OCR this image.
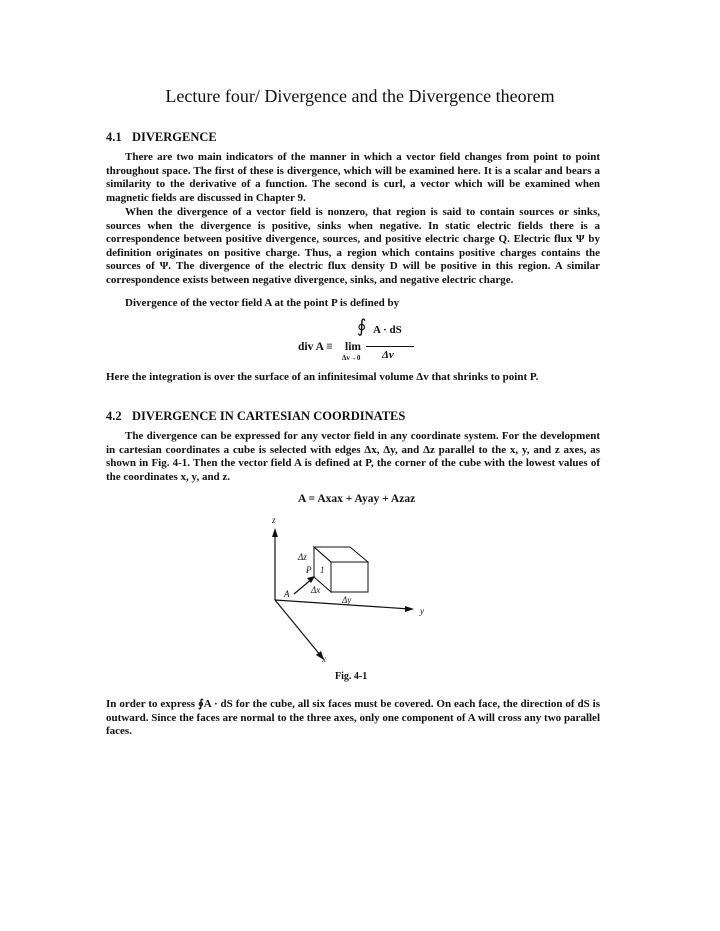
Lecture four/ Divergence and the Divergence theorem
4.1 DIVERGENCE
There are two main indicators of the manner in which a vector field changes from point to point throughout space. The first of these is divergence, which will be examined here. It is a scalar and bears a similarity to the derivative of a function. The second is curl, a vector which will be examined when magnetic fields are discussed in Chapter 9.
When the divergence of a vector field is nonzero, that region is said to contain sources or sinks, sources when the divergence is positive, sinks when negative. In static electric fields there is a correspondence between positive divergence, sources, and positive electric charge Q. Electric flux Ψ by definition originates on positive charge. Thus, a region which contains positive charges contains the sources of Ψ. The divergence of the electric flux density D will be positive in this region. A similar correspondence exists between negative divergence, sinks, and negative electric charge.
Divergence of the vector field A at the point P is defined by
div A ≡ lim
Δv→0
∮ A · dS
Δv
Here the integration is over the surface of an infinitesimal volume Δv that shrinks to point P.
4.2 DIVERGENCE IN CARTESIAN COORDINATES
The divergence can be expressed for any vector field in any coordinate system. For the development in cartesian coordinates a cube is selected with edges Δx, Δy, and Δz parallel to the x, y, and z axes, as shown in Fig. 4-1. Then the vector field A is defined at P, the corner of the cube with the lowest values of the coordinates x, y, and z.
A = Axax + Ayay + Azaz
z
y
x
Δz
P 1
A Δx
Δy
Fig. 4-1
In order to express ∮A · dS for the cube, all six faces must be covered. On each face, the direction of dS is outward. Since the faces are normal to the three axes, only one component of A will cross any two parallel faces.
